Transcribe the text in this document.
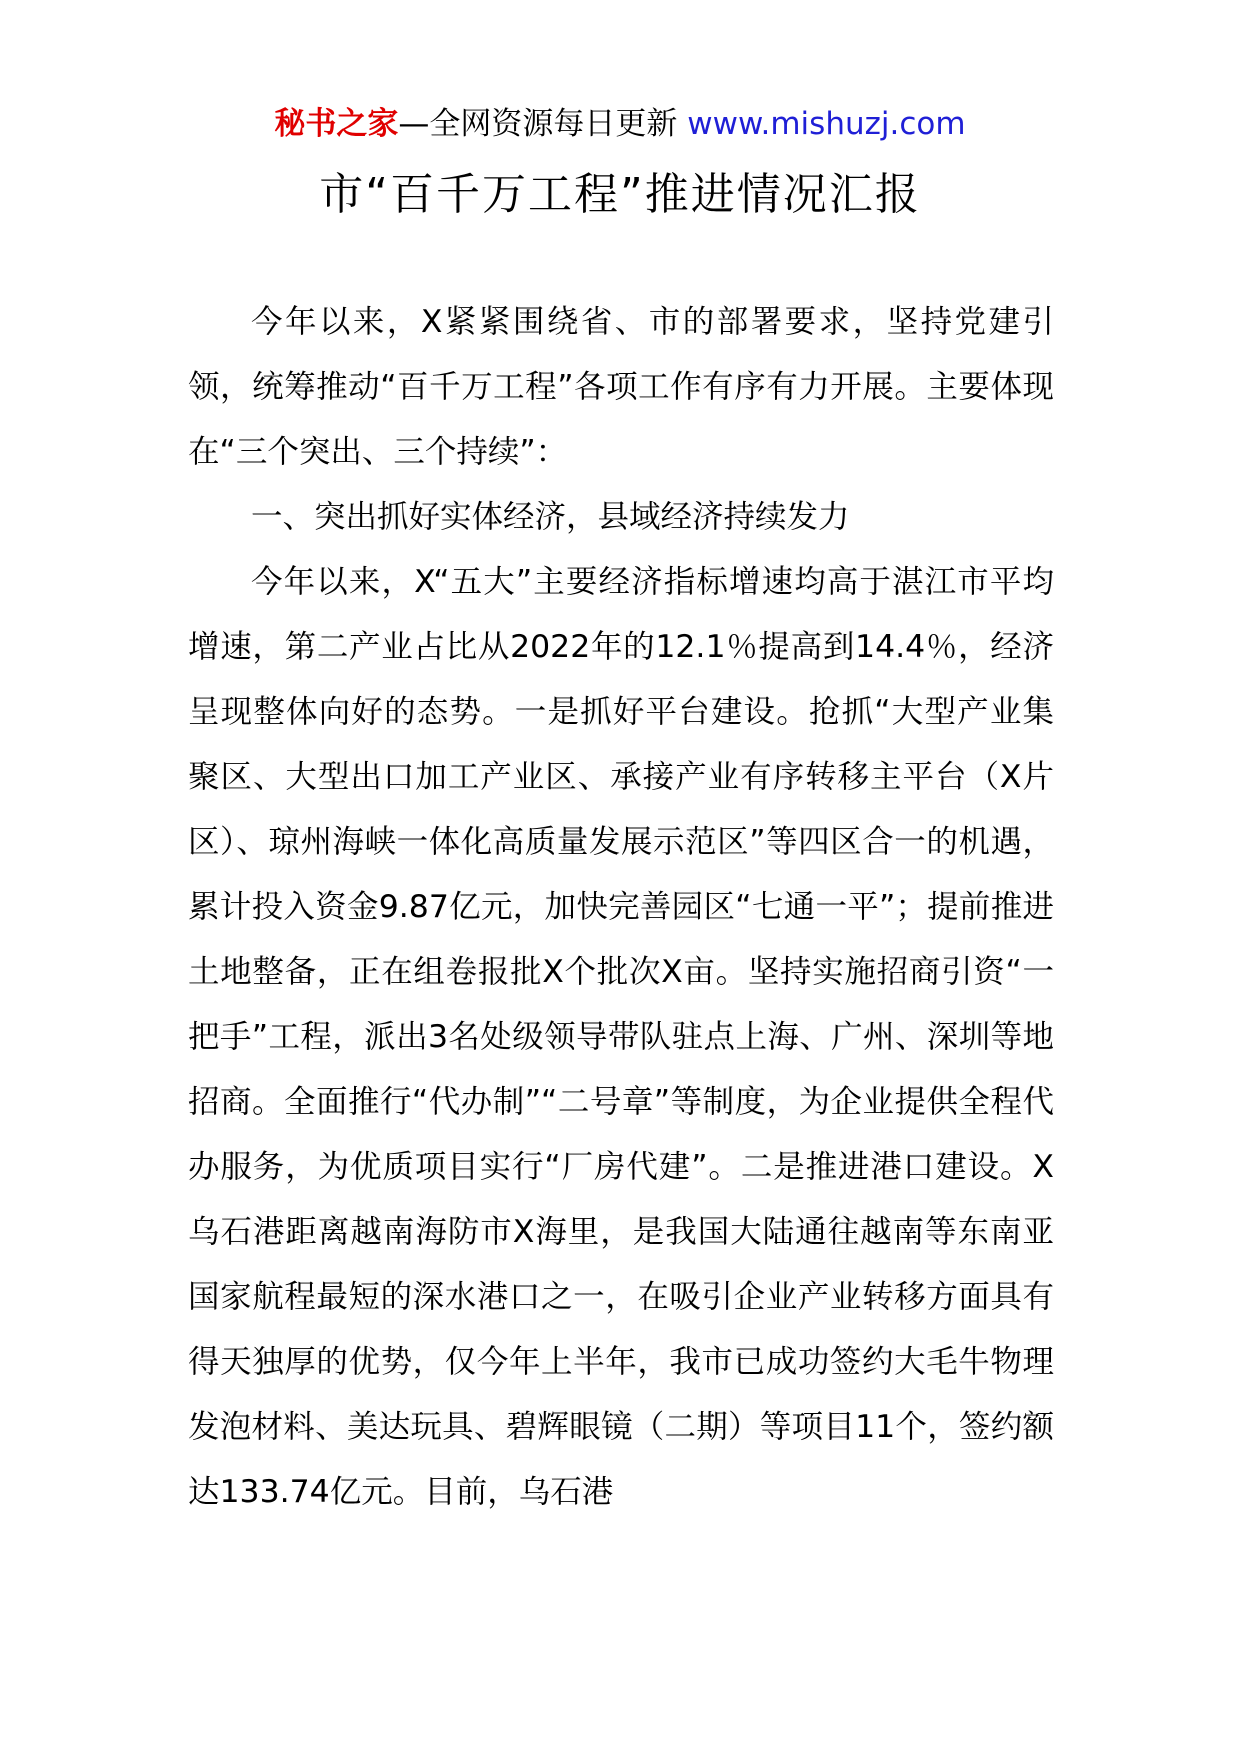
秘书之家—全网资源每日更新 www.mishuzj.com
市“百千万工程”推进情况汇报

今年以来，X紧紧围绕省、市的部署要求，坚持党建引领，统筹推动“百千万工程”各项工作有序有力开展。主要体现在“三个突出、三个持续”：

一、突出抓好实体经济，县域经济持续发力

今年以来，X“五大”主要经济指标增速均高于湛江市平均增速，第二产业占比从2022年的12.1％提高到14.4％，经济呈现整体向好的态势。一是抓好平台建设。抢抓“大型产业集聚区、大型出口加工产业区、承接产业有序转移主平台（X片区）、琼州海峡一体化高质量发展示范区”等四区合一的机遇，累计投入资金9.87亿元，加快完善园区“七通一平”；提前推进土地整备，正在组卷报批X个批次X亩。坚持实施招商引资“一把手”工程，派出3名处级领导带队驻点上海、广州、深圳等地招商。全面推行“代办制”“二号章”等制度，为企业提供全程代办服务，为优质项目实行“厂房代建”。二是推进港口建设。X乌石港距离越南海防市X海里，是我国大陆通往越南等东南亚国家航程最短的深水港口之一，在吸引企业产业转移方面具有得天独厚的优势，仅今年上半年，我市已成功签约大毛牛物理发泡材料、美达玩具、碧辉眼镜（二期）等项目11个，签约额达133.74亿元。目前，乌石港
